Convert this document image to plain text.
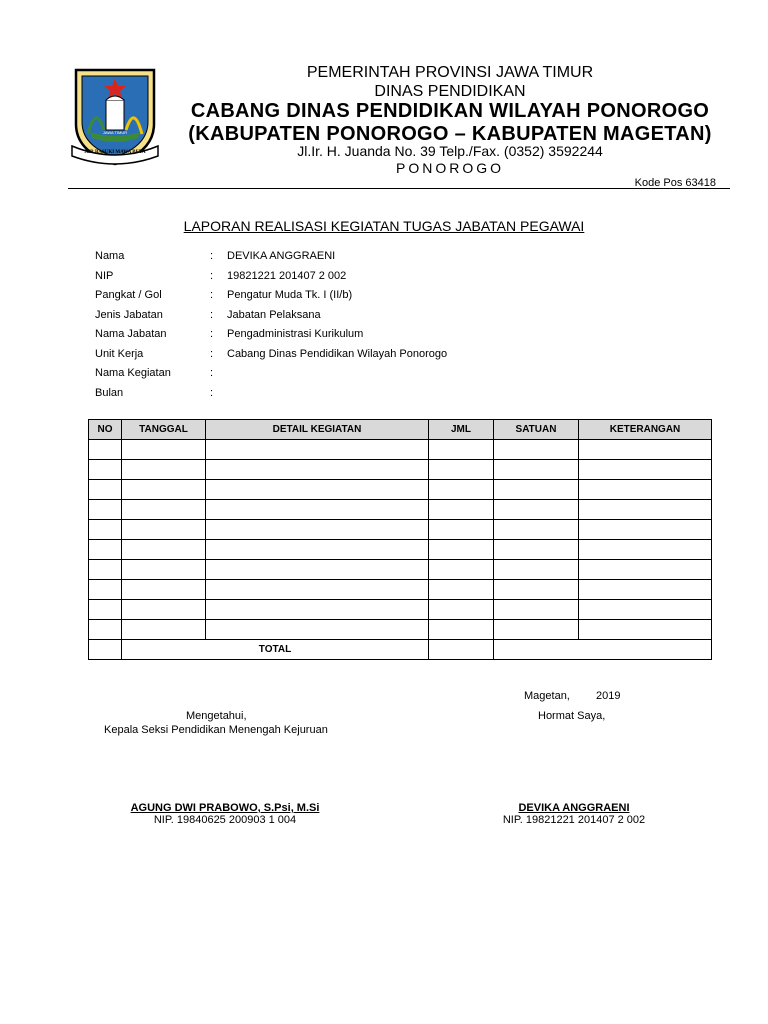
JER BASUKI MAWA BEYA
JAWA TIMUR
PEMERINTAH PROVINSI JAWA TIMUR
DINAS PENDIDIKAN
CABANG DINAS PENDIDIKAN WILAYAH PONOROGO
(KABUPATEN PONOROGO – KABUPATEN MAGETAN)
Jl.Ir. H. Juanda No. 39 Telp./Fax. (0352) 3592244
PONOROGO
Kode Pos 63418
LAPORAN REALISASI KEGIATAN TUGAS JABATAN PEGAWAI
Nama	:	DEVIKA ANGGRAENI
NIP	:	19821221 201407 2 002
Pangkat / Gol	:	Pengatur Muda Tk. I (II/b)
Jenis Jabatan	:	Jabatan Pelaksana
Nama Jabatan	:	Pengadministrasi Kurikulum
Unit Kerja	:	Cabang Dinas Pendidikan Wilayah Ponorogo
Nama Kegiatan	:
Bulan	:
NO	TANGGAL	DETAIL KEGIATAN	JML	SATUAN	KETERANGAN

	TOTAL				
Magetan, 2019
Mengetahui,	Hormat Saya,
Kepala Seksi Pendidikan Menengah Kejuruan
AGUNG DWI PRABOWO, S.Psi, M.Si
NIP. 19840625 200903 1 004
DEVIKA ANGGRAENI
NIP. 19821221 201407 2 002
